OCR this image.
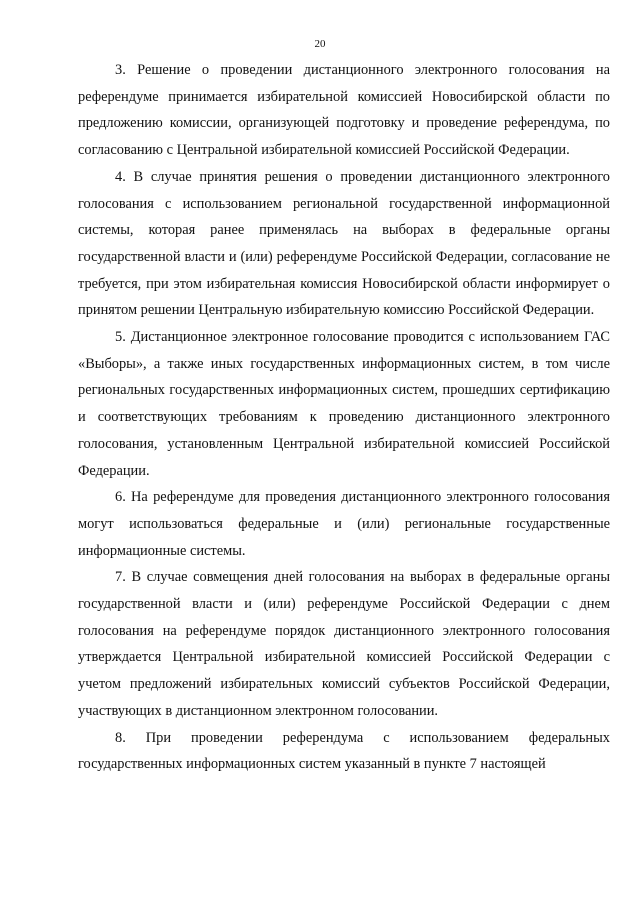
20

3. Решение о проведении дистанционного электронного голосования на референдуме принимается избирательной комиссией Новосибирской области по предложению комиссии, организующей подготовку и проведение референдума, по согласованию с Центральной избирательной комиссией Российской Федерации.

4. В случае принятия решения о проведении дистанционного электронного голосования с использованием региональной государственной информационной системы, которая ранее применялась на выборах в федеральные органы государственной власти и (или) референдуме Российской Федерации, согласование не требуется, при этом избирательная комиссия Новосибирской области информирует о принятом решении Центральную избирательную комиссию Российской Федерации.

5. Дистанционное электронное голосование проводится с использованием ГАС «Выборы», а также иных государственных информационных систем, в том числе региональных государственных информационных систем, прошедших сертификацию и соответствующих требованиям к проведению дистанционного электронного голосования, установленным Центральной избирательной комиссией Российской Федерации.

6. На референдуме для проведения дистанционного электронного голосования могут использоваться федеральные и (или) региональные государственные информационные системы.

7. В случае совмещения дней голосования на выборах в федеральные органы государственной власти и (или) референдуме Российской Федерации с днем голосования на референдуме порядок дистанционного электронного голосования утверждается Центральной избирательной комиссией Российской Федерации с учетом предложений избирательных комиссий субъектов Российской Федерации, участвующих в дистанционном электронном голосовании.

8. При проведении референдума с использованием федеральных государственных информационных систем указанный в пункте 7 настоящей
